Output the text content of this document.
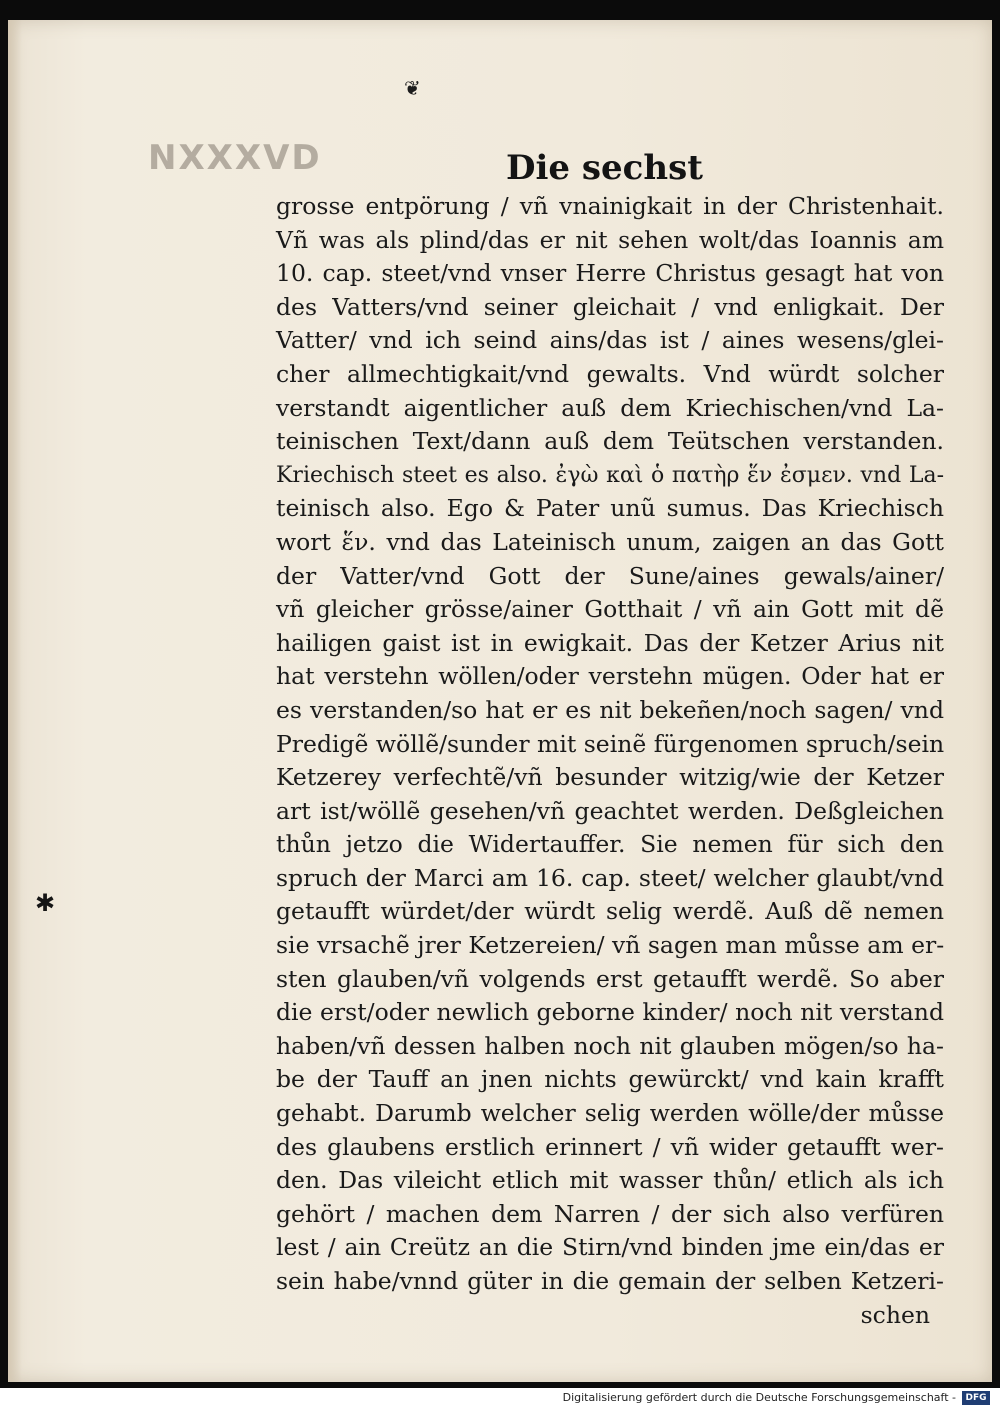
❦
NXXXVD
✱
Die sechst
grosse entpörung / vñ vnainigkait in der Christenhait.
Vñ was als plind/das er nit sehen wolt/das Ioannis am
10. cap. steet/vnd vnser Herre Christus gesagt hat von
des Vatters/vnd seiner gleichait / vnd enligkait. Der
Vatter/ vnd ich seind ains/das ist / aines wesens/glei-
cher allmechtigkait/vnd gewalts. Vnd würdt solcher
verstandt aigentlicher auß dem Kriechischen/vnd La-
teinischen Text/dann auß dem Teütschen verstanden.
Kriechisch steet es also. ἐγὼ καὶ ὁ πατὴρ ἕν ἐσμεν. vnd La-
teinisch also. Ego & Pater unũ sumus. Das Kriechisch
wort ἕν. vnd das Lateinisch unum, zaigen an das Gott
der Vatter/vnd Gott der Sune/aines gewals/ainer/
vñ gleicher grösse/ainer Gotthait / vñ ain Gott mit dẽ
hailigen gaist ist in ewigkait. Das der Ketzer Arius nit
hat verstehn wöllen/oder verstehn mügen. Oder hat er
es verstanden/so hat er es nit bekeñen/noch sagen/ vnd
Predigẽ wöllẽ/sunder mit seinẽ fürgenomen spruch/sein
Ketzerey verfechtẽ/vñ besunder witzig/wie der Ketzer
art ist/wöllẽ gesehen/vñ geachtet werden. Deßgleichen
thůn jetzo die Widertauffer. Sie nemen für sich den
spruch der Marci am 16. cap. steet/ welcher glaubt/vnd
getaufft würdet/der würdt selig werdẽ. Auß dẽ nemen
sie vrsachẽ jrer Ketzereien/ vñ sagen man můsse am er-
sten glauben/vñ volgends erst getaufft werdẽ. So aber
die erst/oder newlich geborne kinder/ noch nit verstand
haben/vñ dessen halben noch nit glauben mögen/so ha-
be der Tauff an jnen nichts gewürckt/ vnd kain krafft
gehabt. Darumb welcher selig werden wölle/der můsse
des glaubens erstlich erinnert / vñ wider getaufft wer-
den. Das vileicht etlich mit wasser thůn/ etlich als ich
gehört / machen dem Narren / der sich also verfüren
lest / ain Creütz an die Stirn/vnd binden jme ein/das er
sein habe/vnnd güter in die gemain der selben Ketzeri-
schen
Digitalisierung gefördert durch die Deutsche Forschungsgemeinschaft -	DFG
